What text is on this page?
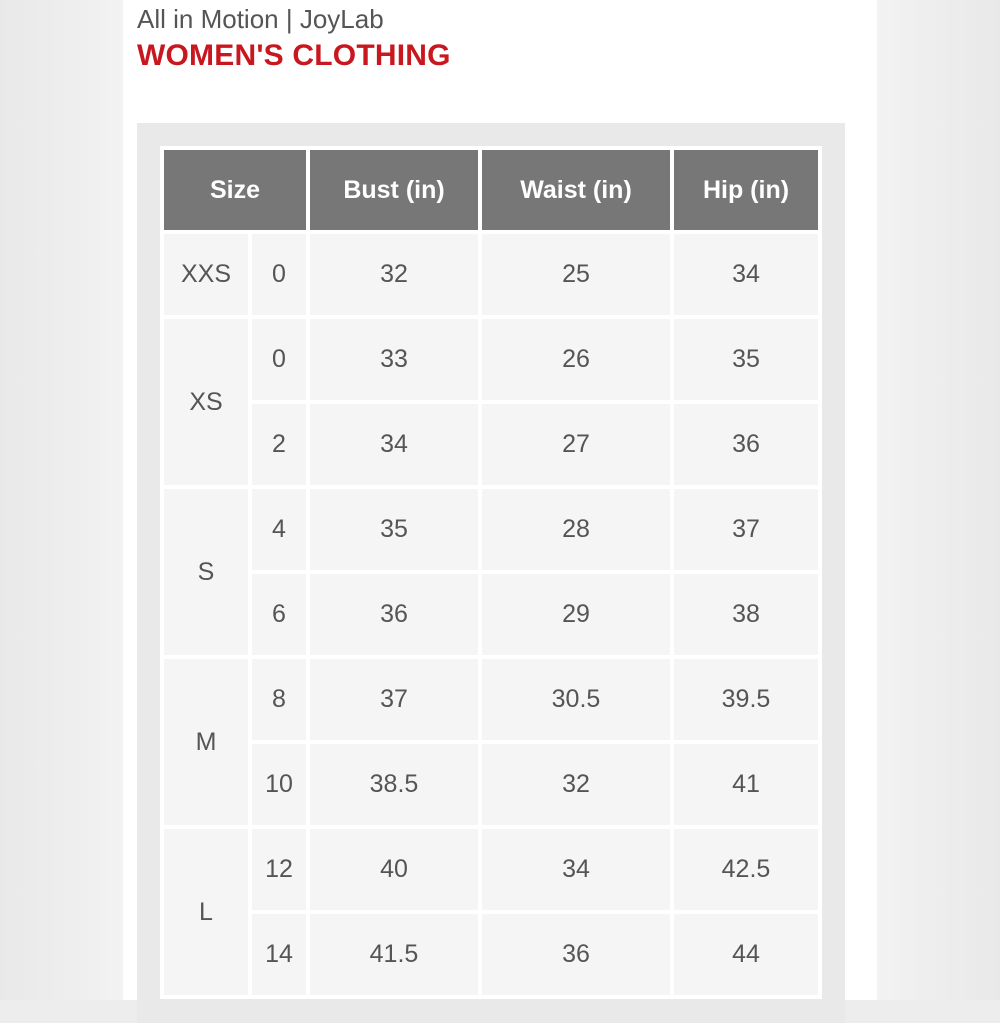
All in Motion | JoyLab
WOMEN'S CLOTHING
Size		Bust (in)	Waist (in)	Hip (in)
XXS	0	32	25	34
XS	0	33	26	35
	2	34	27	36
S	4	35	28	37
	6	36	29	38
M	8	37	30.5	39.5
	10	38.5	32	41
L	12	40	34	42.5
	14	41.5	36	44
